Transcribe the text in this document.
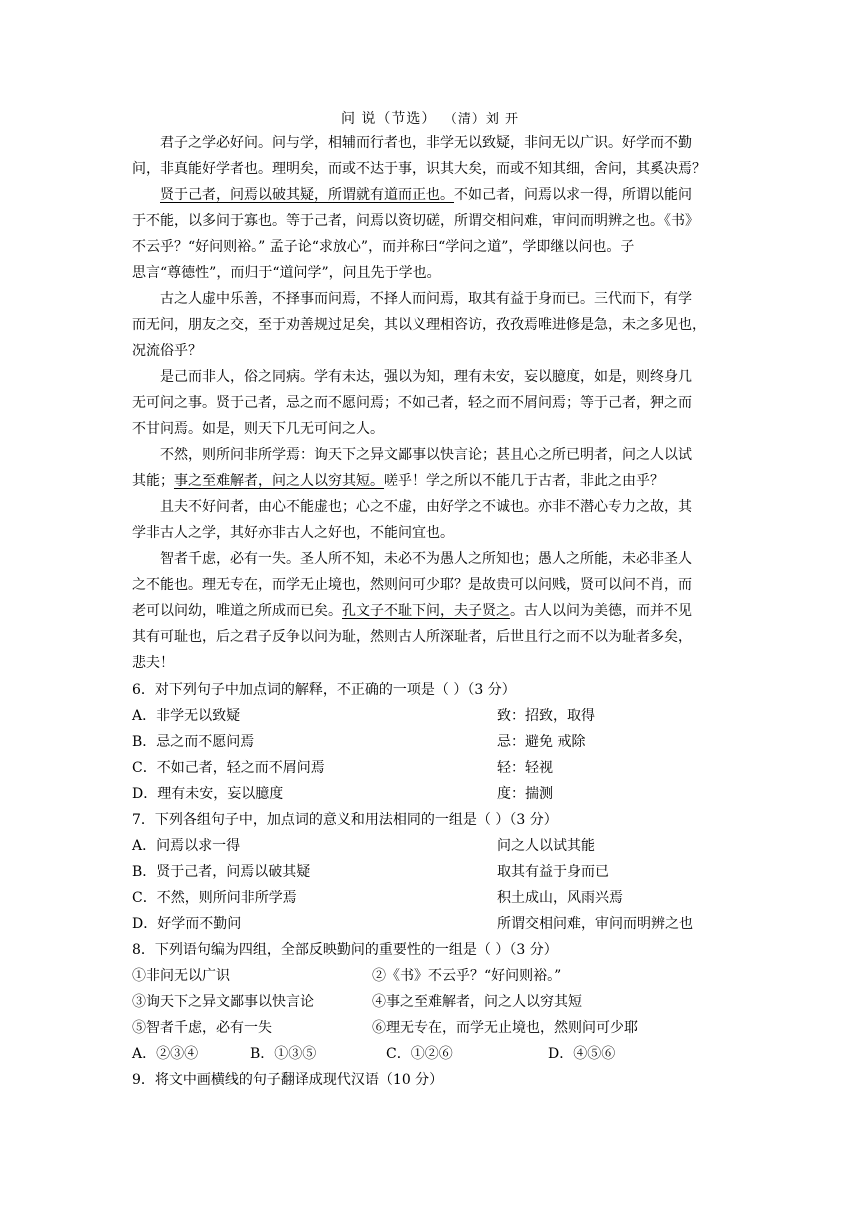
问 说（节选） （清）刘 开
君子之学必好问。问与学，相辅而行者也，非学无以致疑，非问无以广识。好学而不勤
问，非真能好学者也。理明矣，而或不达于事，识其大矣，而或不知其细，舍问，其奚决焉？
贤于己者，问焉以破其疑，所谓就有道而正也。不如己者，问焉以求一得，所谓以能问
于不能，以多问于寡也。等于己者，问焉以资切磋，所谓交相问难，审问而明辨之也。《书》
不云乎？“好问则裕。” 孟子论“求放心”，而并称曰“学问之道”，学即继以问也。子
思言“尊德性”，而归于“道问学”，问且先于学也。
古之人虚中乐善，不择事而问焉，不择人而问焉，取其有益于身而已。三代而下，有学
而无问，朋友之交，至于劝善规过足矣，其以义理相咨访，孜孜焉唯进修是急，未之多见也，
况流俗乎？
是己而非人，俗之同病。学有未达，强以为知，理有未安，妄以臆度，如是，则终身几
无可问之事。贤于己者，忌之而不愿问焉；不如己者，轻之而不屑问焉；等于己者，狎之而
不甘问焉。如是，则天下几无可问之人。
不然，则所问非所学焉：询天下之异文鄙事以快言论；甚且心之所已明者，问之人以试
其能；事之至难解者，问之人以穷其短。嗟乎！学之所以不能几于古者，非此之由乎？
且夫不好问者，由心不能虚也；心之不虚，由好学之不诚也。亦非不潜心专力之故，其
学非古人之学，其好亦非古人之好也，不能问宜也。
智者千虑，必有一失。圣人所不知，未必不为愚人之所知也；愚人之所能，未必非圣人
之不能也。理无专在，而学无止境也，然则问可少耶？是故贵可以问贱，贤可以问不肖，而
老可以问幼，唯道之所成而已矣。孔文子不耻下问，夫子贤之。古人以问为美德，而并不见
其有可耻也，后之君子反争以问为耻，然则古人所深耻者，后世且行之而不以为耻者多矣，
悲夫！
6．对下列句子中加点词的解释，不正确的一项是（ ）（3 分）
A．非学无以致疑	致：招致，取得
B．忌之而不愿问焉	忌：避免 戒除
C．不如己者，轻之而不屑问焉	轻：轻视
D．理有未安，妄以臆度	度：揣测
7．下列各组句子中，加点词的意义和用法相同的一组是（ ）（3 分）
A．问焉以求一得	问之人以试其能
B．贤于己者，问焉以破其疑	取其有益于身而已
C．不然，则所问非所学焉	积土成山，风雨兴焉
D．好学而不勤问	所谓交相问难，审问而明辨之也
8．下列语句编为四组，全部反映勤问的重要性的一组是（ ）（3 分）
①非问无以广识	②《书》不云乎？“好问则裕。”
③询天下之异文鄙事以快言论	④事之至难解者，问之人以穷其短
⑤智者千虑，必有一失	⑥理无专在，而学无止境也，然则问可少耶
A．②③④	B．①③⑤	C．①②⑥	D．④⑤⑥
9．将文中画横线的句子翻译成现代汉语（10 分）
